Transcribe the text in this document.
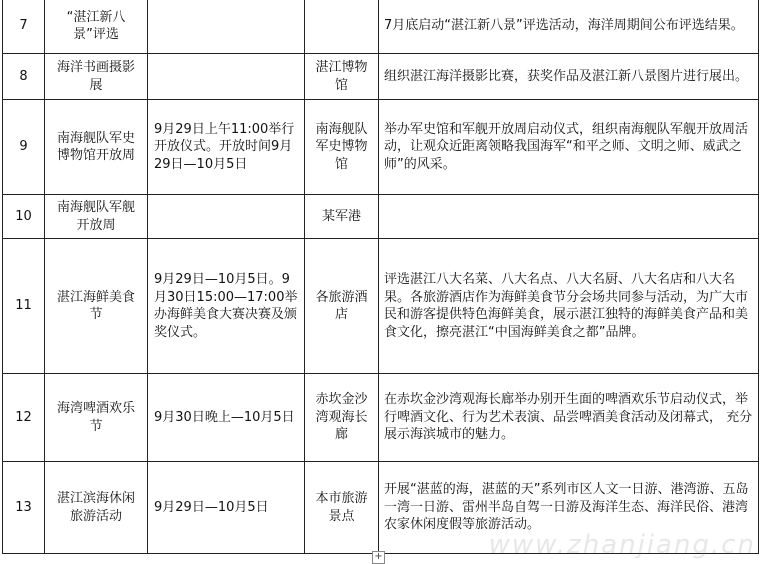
7	“湛江新八景”评选			7月底启动“湛江新八景”评选活动，海洋周期间公布评选结果。
8	海洋书画摄影展		湛江博物馆	组织湛江海洋摄影比赛，获奖作品及湛江新八景图片进行展出。
9	南海舰队军史博物馆开放周	9月29日上午11:00举行开放仪式。开放时间9月29日—10月5日	南海舰队军史博物馆	举办军史馆和军舰开放周启动仪式，组织南海舰队军舰开放周活动，让观众近距离领略我国海军“和平之师、文明之师、威武之师”的风采。
10	南海舰队军舰开放周		某军港	
11	湛江海鲜美食节	9月29日—10月5日。9月30日15:00—17:00举办海鲜美食大赛决赛及颁奖仪式。	各旅游酒店	评选湛江八大名菜、八大名点、八大名厨、八大名店和八大名果。各旅游酒店作为海鲜美食节分会场共同参与活动，为广大市民和游客提供特色海鲜美食，展示湛江独特的海鲜美食产品和美食文化，擦亮湛江“中国海鲜美食之都”品牌。
12	海湾啤酒欢乐节	9月30日晚上—10月5日	赤坎金沙湾观海长廊	在赤坎金沙湾观海长廊举办别开生面的啤酒欢乐节启动仪式，举行啤酒文化、行为艺术表演、品尝啤酒美食活动及闭幕式， 充分展示海滨城市的魅力。
13	湛江滨海休闲旅游活动	9月29日—10月5日	本市旅游景点	开展“湛蓝的海，湛蓝的天”系列市区人文一日游、港湾游、五岛一湾一日游、雷州半岛自驾一日游及海洋生态、海洋民俗、港湾农家休闲度假等旅游活动。
www.zhanjiang.cn
+
